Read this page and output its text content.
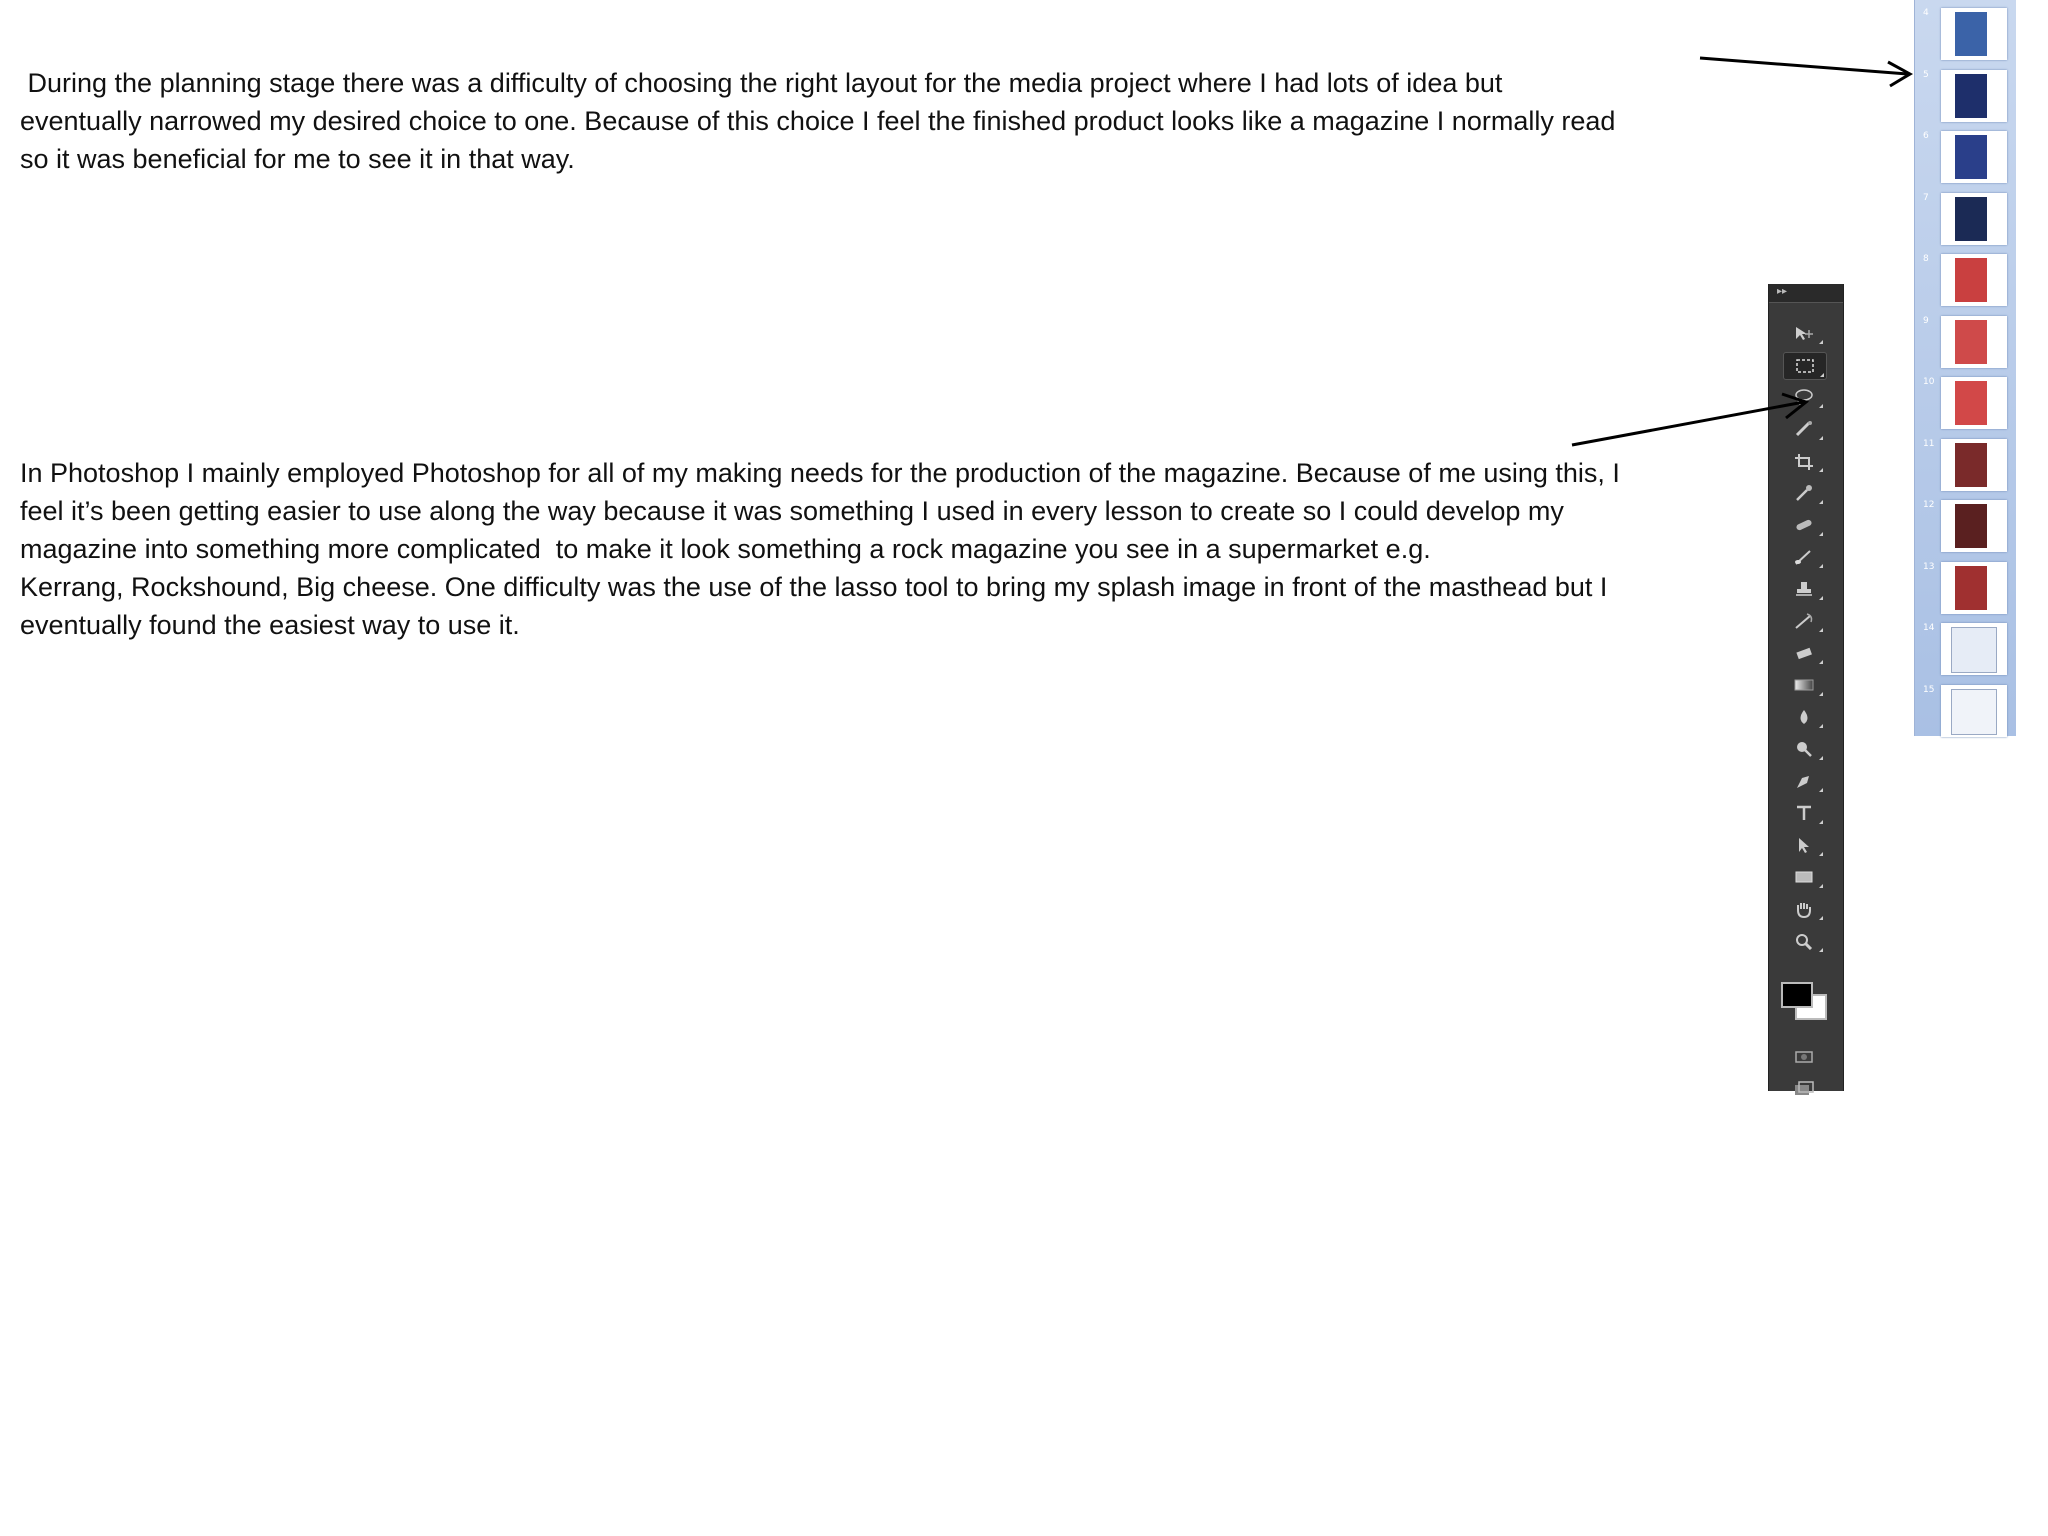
During the planning stage there was a difficulty of choosing the right layout for the media project where I had lots of idea but
eventually narrowed my desired choice to one. Because of this choice I feel the finished product looks like a magazine I normally read
so it was beneficial for me to see it in that way.
In Photoshop I mainly employed Photoshop for all of my making needs for the production of the magazine. Because of me using this, I
feel it’s been getting easier to use along the way because it was something I used in every lesson to create so I could develop my
magazine into something more complicated  to make it look something a rock magazine you see in a supermarket e.g.
Kerrang, Rockshound, Big cheese. One difficulty was the use of the lasso tool to bring my splash image in front of the masthead but I
eventually found the easiest way to use it.
▸▸
4
5
6
7
8
9
10
11
12
13
14
15
